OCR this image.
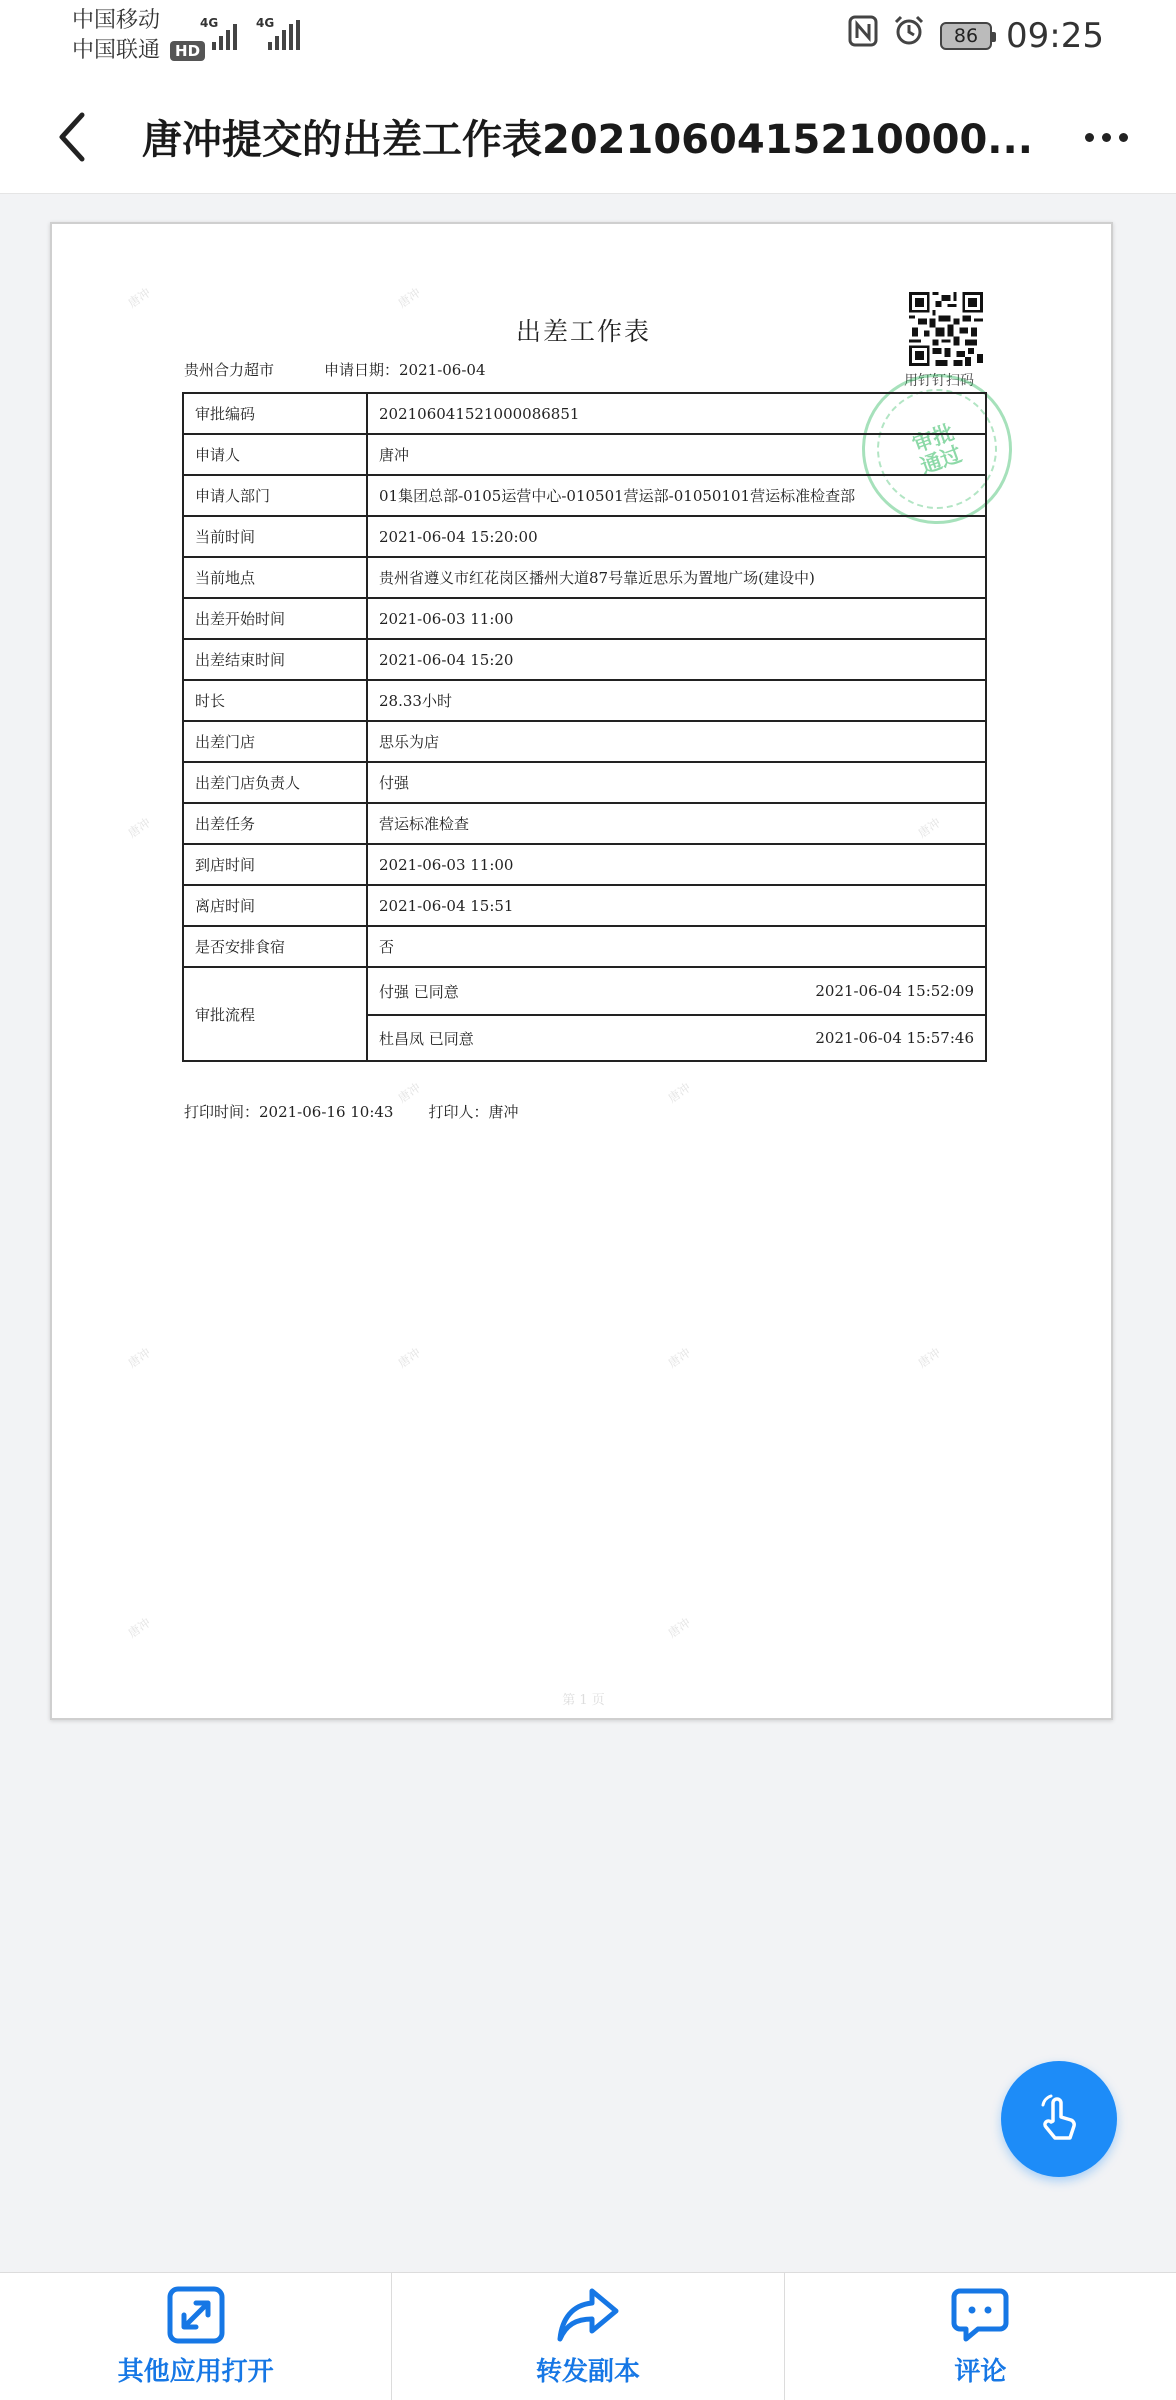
中国移动
中国联通	HD
4G	4G
86 09:25
唐冲提交的出差工作表2021060415210000...
唐冲	唐冲
唐冲	唐冲
唐冲	唐冲
唐冲	唐冲	唐冲	唐冲
唐冲	唐冲
出差工作表
贵州合力超市	申请日期：2021-06-04
用钉钉扫码
审批通过
审批编码	202106041521000086851
申请人	唐冲
申请人部门	01集团总部-0105运营中心-010501营运部-01050101营运标准检查部
当前时间	2021-06-04 15:20:00
当前地点	贵州省遵义市红花岗区播州大道87号靠近思乐为置地广场(建设中)
出差开始时间	2021-06-03 11:00
出差结束时间	2021-06-04 15:20
时长	28.33小时
出差门店	思乐为店
出差门店负责人	付强
出差任务	营运标准检查
到店时间	2021-06-03 11:00
离店时间	2021-06-04 15:51
是否安排食宿	否
审批流程	付强 已同意 2021-06-04 15:52:09
杜昌凤 已同意 2021-06-04 15:57:46
打印时间：2021-06-16 10:43 打印人：唐冲
第 1 页
其他应用打开	转发副本	评论
